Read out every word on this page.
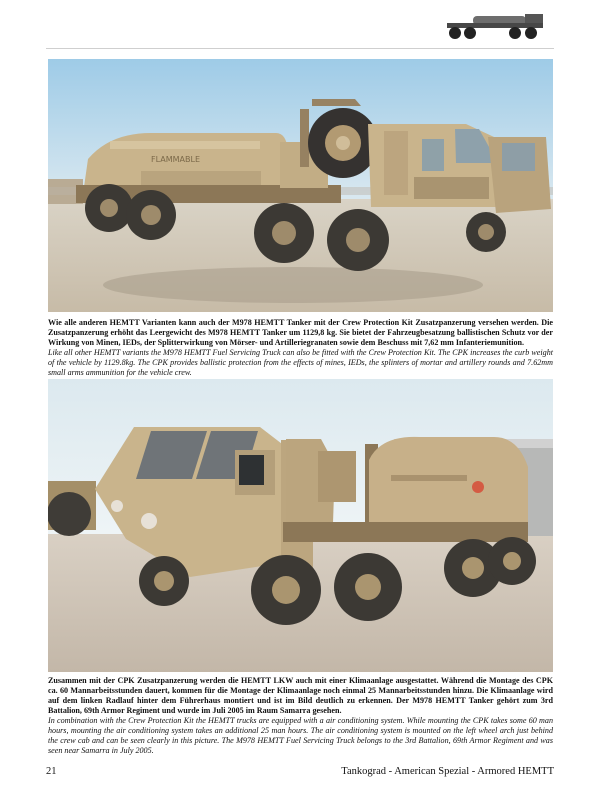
FLAMMABLE

Wie alle anderen HEMTT Varianten kann auch der M978 HEMTT Tanker mit der Crew Protection Kit Zusatzpanzerung versehen werden. Die Zusatzpanzerung erhöht das Leergewicht des M978 HEMTT Tanker um 1129,8 kg. Sie bietet der Fahrzeugbesatzung ballistischen Schutz vor der Wirkung von Minen, IEDs, der Splitterwirkung von Mörser- und Artilleriegranaten sowie dem Beschuss mit 7,62 mm Infanteriemunition.

Like all other HEMTT variants the M978 HEMTT Fuel Servicing Truck can also be fitted with the Crew Protection Kit. The CPK increases the curb weight of the vehicle by 1129.8kg. The CPK provides ballistic protection from the effects of mines, IEDs, the splinters of mortar and artillery rounds and 7.62mm small arms ammunition for the vehicle crew.

Zusammen mit der CPK Zusatzpanzerung werden die HEMTT LKW auch mit einer Klimaanlage ausgestattet. Während die Montage des CPK ca. 60 Mannarbeitsstunden dauert, kommen für die Montage der Klimaanlage noch einmal 25 Mannarbeitsstunden hinzu. Die Klimaanlage wird auf dem linken Radlauf hinter dem Führerhaus montiert und ist im Bild deutlich zu erkennen. Der M978 HEMTT Tanker gehört zum 3rd Battalion, 69th Armor Regiment und wurde im Juli 2005 im Raum Samarra gesehen.

In combination with the Crew Protection Kit the HEMTT trucks are equipped with a air conditioning system. While mounting the CPK takes some 60 man hours, mounting the air conditioning system takes an additional 25 man hours. The air conditioning system is mounted on the left wheel arch just behind the crew cab and can be seen clearly in this picture. The M978 HEMTT Fuel Servicing Truck belongs to the 3rd Battalion, 69th Armor Regiment and was seen near Samarra in July 2005.

21	Tankograd - American Spezial - Armored HEMTT
